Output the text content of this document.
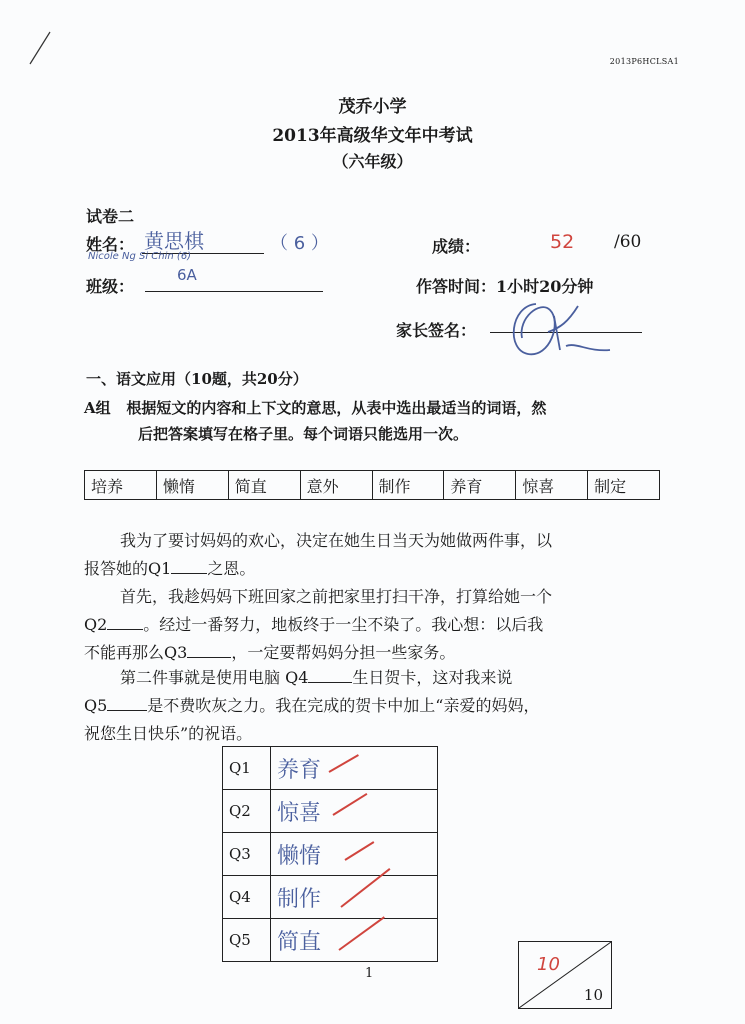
2013P6HCLSA1
茂乔小学
2013年高级华文年中考试
（六年级）
试卷二
姓名： 黄思棋	（ 6 ）
Nicole Ng Si Chin (6)
班级：
6A
成绩：	52 /60
作答时间：1小时20分钟
家长签名：
一、语文应用（10题，共20分）
A组 根据短文的内容和上下文的意思，从表中选出最适当的词语，然
后把答案填写在格子里。每个词语只能选用一次。
培养	懒惰	简直	意外	制作	养育	惊喜	制定
我为了要讨妈妈的欢心，决定在她生日当天为她做两件事，以
报答她的Q1 之恩。
首先，我趁妈妈下班回家之前把家里打扫干净，打算给她一个
Q2 。经过一番努力，地板终于一尘不染了。我心想：以后我
不能再那么Q3	，一定要帮妈妈分担一些家务。
第二件事就是使用电脑 Q4	生日贺卡，这对我来说
Q5	是不费吹灰之力。我在完成的贺卡中加上“亲爱的妈妈，
祝您生日快乐”的祝语。
Q1	养育

Q2	惊喜

Q3	懒惰

Q4	制作

Q5	简直
1	10
10
